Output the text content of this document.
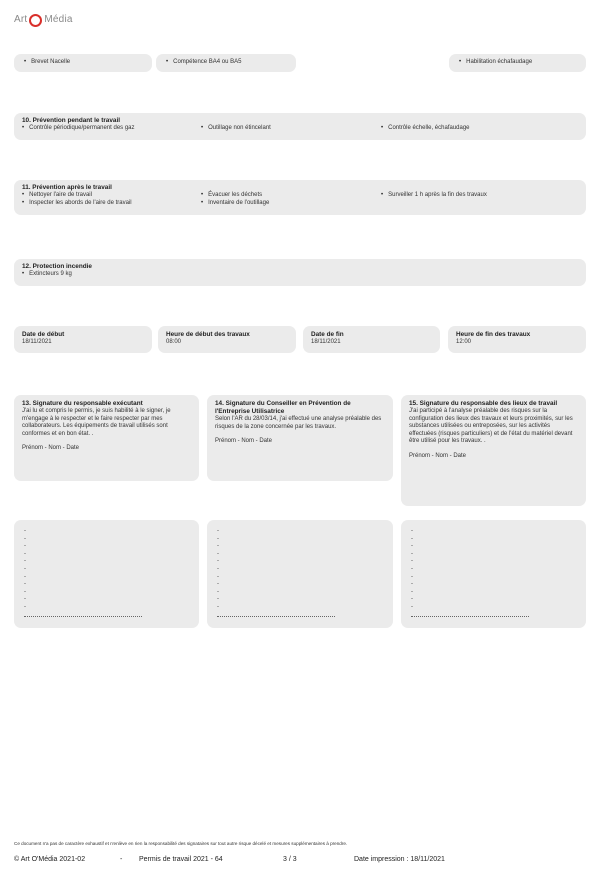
Art Média
• Brevet Nacelle	• Compétence BA4 ou BA5	• Habilitation échafaudage
10. Prévention pendant le travail
• Contrôle périodique/permanent des gaz	• Outillage non étincelant	• Contrôle échelle, échafaudage
11. Prévention après le travail
• Nettoyer l'aire de travail
• Inspecter les abords de l'aire de travail
• Évacuer les déchets
• Inventaire de l'outillage
• Surveiller 1 h après la fin des travaux
12. Protection incendie
• Extincteurs 9 kg
Date de début
18/11/2021
Heure de début des travaux
08:00
Date de fin
18/11/2021
Heure de fin des travaux
12:00
13. Signature du responsable exécutant
J'ai lu et compris le permis, je suis habilité à le signer, je m'engage à le respecter et le faire respecter par mes collaborateurs. Les équipements de travail utilisés sont conformes et en bon état. .
Prénom - Nom - Date
14. Signature du Conseiller en Prévention de l'Entreprise Utilisatrice
Selon l'AR du 28/03/14, j'ai effectué une analyse préalable des risques de la zone concernée par les travaux.
Prénom - Nom - Date
15. Signature du responsable des lieux de travail
J'ai participé à l'analyse préalable des risques sur la configuration des lieux des travaux et leurs proximités, sur les substances utilisées ou entreposées, sur les activités effectuées (risques particuliers) et de l'état du matériel devant être utilisé pour les travaux. .
Prénom - Nom - Date
-
-
-
-
-
-
-
-
-
-
-
-
-
-
-
-
-
-
-
-
-
-
-
-
-
-
-
-
-
-
-
-
-
Ce document n'a pas de caractère exhaustif et n'enlève en rien la responsabilité des signataires sur tout autre risque décelé et mesures supplémentaires à prendre.
© Art O'Média 2021-02	- Permis de travail 2021 - 64	3 / 3	Date impression : 18/11/2021
